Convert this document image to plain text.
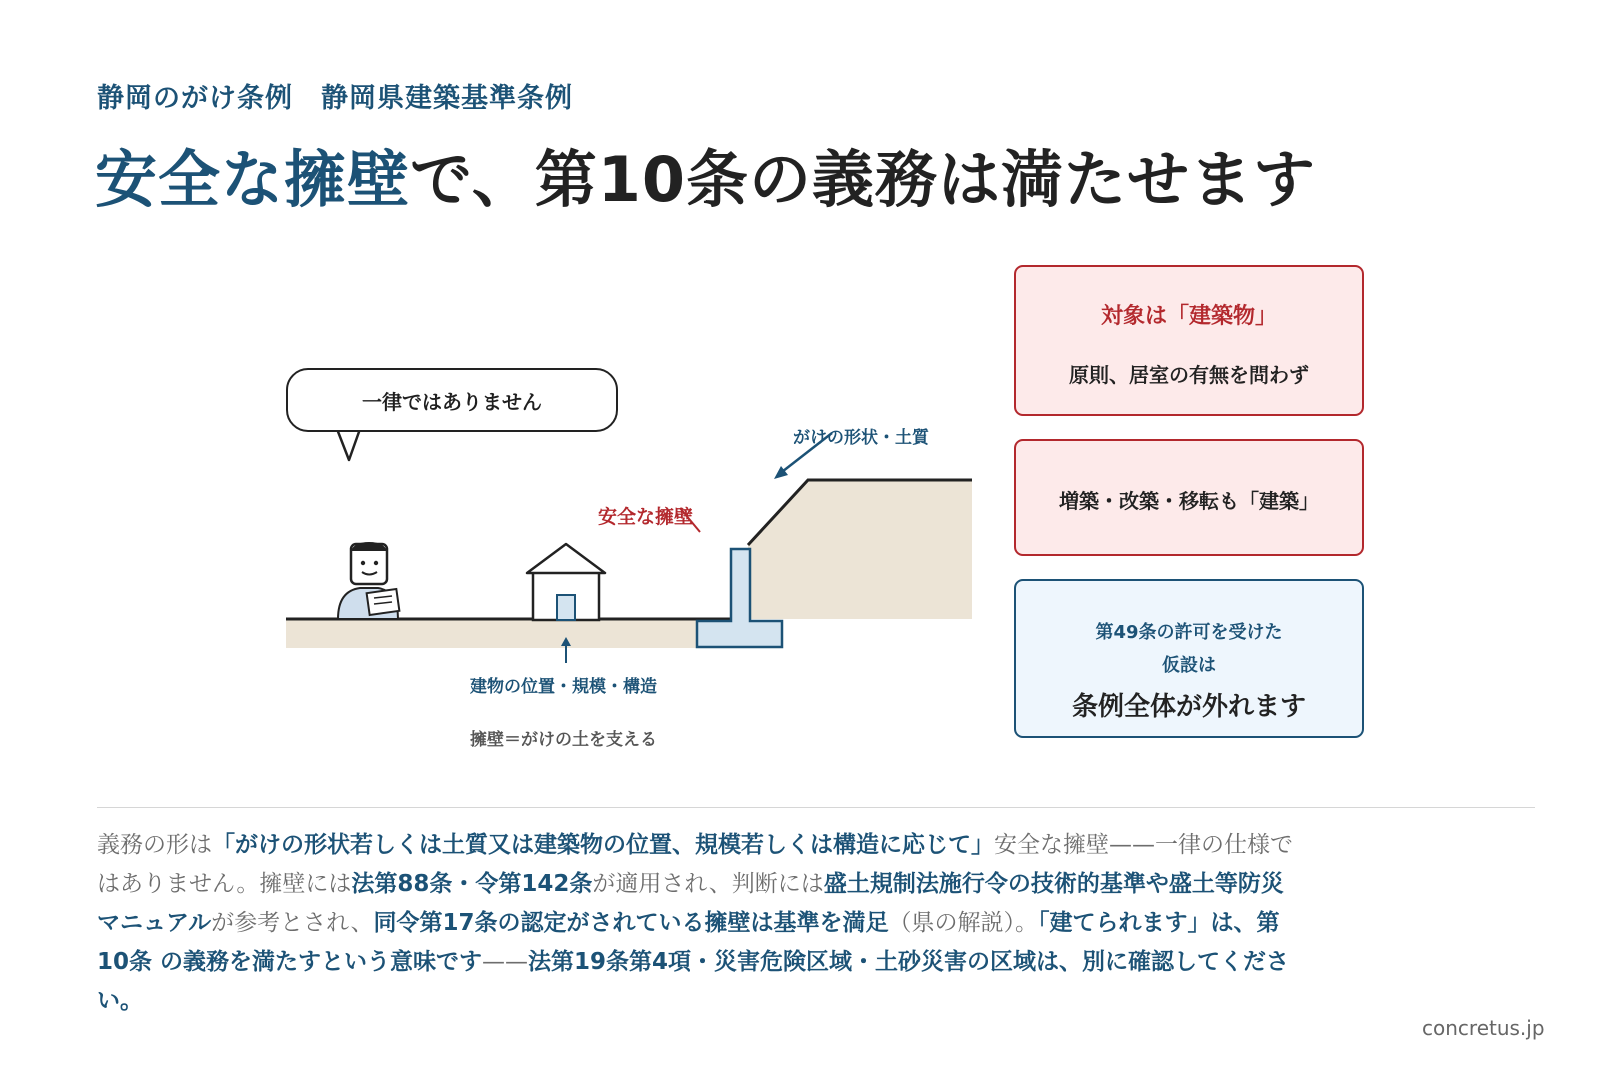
静岡のがけ条例　静岡県建築基準条例
安全な擁壁で、第10条の義務は満たせます
一律ではありません
がけの形状・土質
安全な擁壁
建物の位置・規模・構造
擁壁＝がけの土を支える
対象は「建築物」
原則、居室の有無を問わず
増築・改築・移転も「建築」
第49条の許可を受けた
仮設は
条例全体が外れます

義務の形は「がけの形状若しくは土質又は建築物の位置、規模若しくは構造に応じて」安全な擁壁——一律の仕様ではありません。擁壁には法第88条・令第142条が適用され、判断には盛土規制法施行令の技術的基準や盛土等防災マニュアルが参考とされ、同令第17条の認定がされている擁壁は基準を満足（県の解説）。「建てられます」は、第10条 の義務を満たすという意味です——法第19条第4項・災害危険区域・土砂災害の区域は、別に確認してください。

concretus.jp
